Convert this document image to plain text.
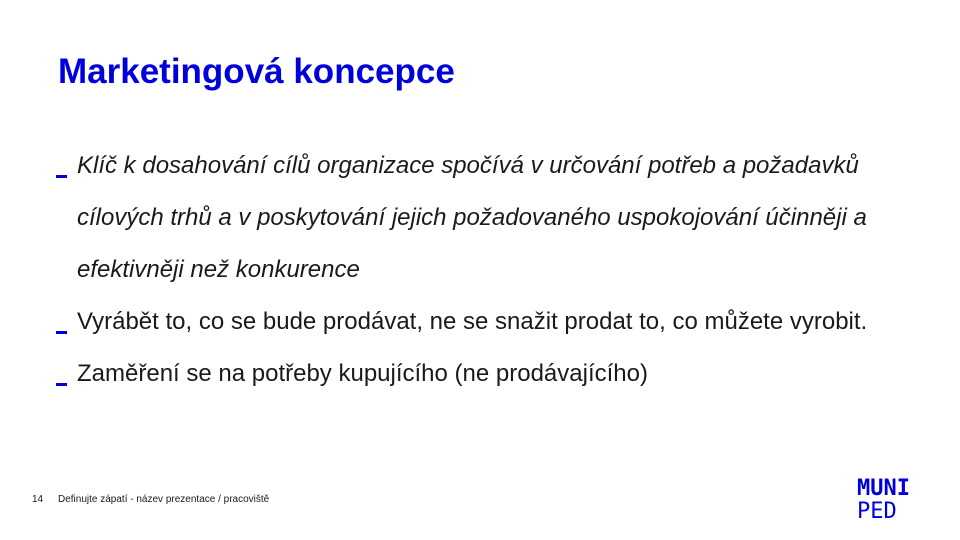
Marketingová koncepce
Klíč k dosahování cílů organizace spočívá v určování potřeb a požadavků cílových trhů a v poskytování jejich požadovaného uspokojování účinněji a efektivněji než konkurence
Vyrábět to, co se bude prodávat, ne se snažit prodat to, co můžete vyrobit.
Zaměření se na potřeby kupujícího (ne prodávajícího)
14 Definujte zápatí - název prezentace / pracoviště	MUNI
PED
